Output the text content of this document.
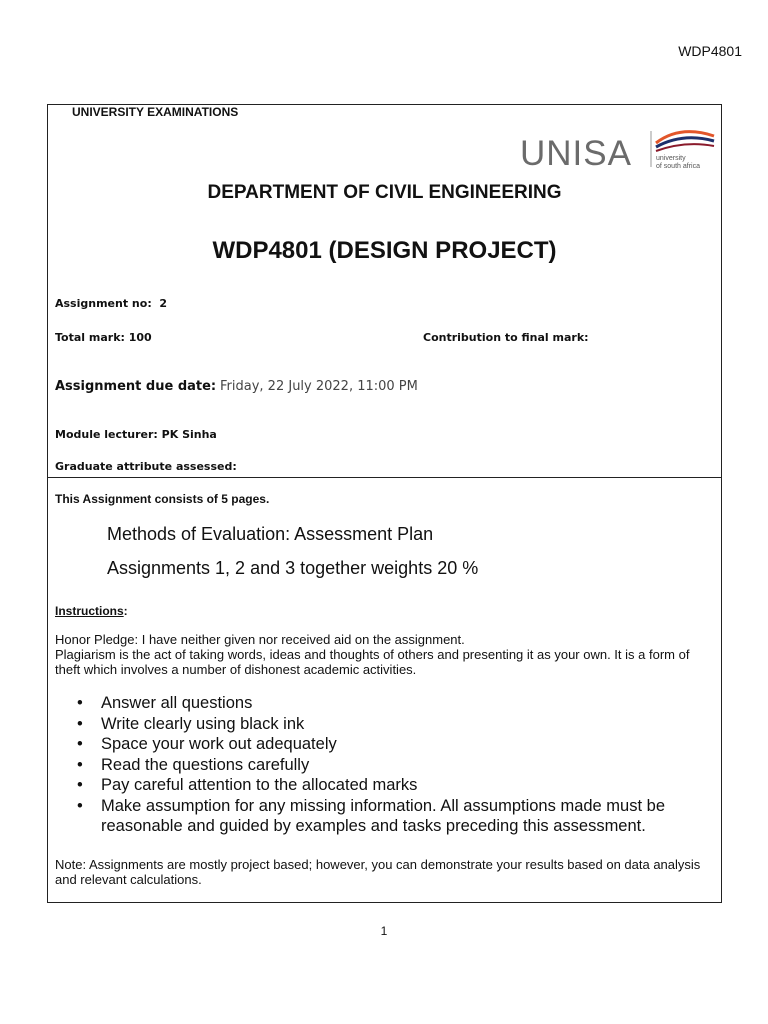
WDP4801
UNIVERSITY EXAMINATIONS
UNISA	university
of south africa
DEPARTMENT OF CIVIL ENGINEERING
WDP4801 (DESIGN PROJECT)
Assignment no:  2
Total mark: 100	Contribution to final mark:
Assignment due date: Friday, 22 July 2022, 11:00 PM
Module lecturer: PK Sinha
Graduate attribute assessed:
This Assignment consists of 5 pages.
Methods of Evaluation: Assessment Plan
Assignments 1, 2 and 3 together weights 20 %
Instructions:
Honor Pledge: I have neither given nor received aid on the assignment.
Plagiarism is the act of taking words, ideas and thoughts of others and presenting it as your own. It is a form of theft which involves a number of dishonest academic activities.
• Answer all questions
• Write clearly using black ink
• Space your work out adequately
• Read the questions carefully
• Pay careful attention to the allocated marks
• Make assumption for any missing information. All assumptions made must be reasonable and guided by examples and tasks preceding this assessment.
Note: Assignments are mostly project based; however, you can demonstrate your results based on data analysis and relevant calculations.
1
